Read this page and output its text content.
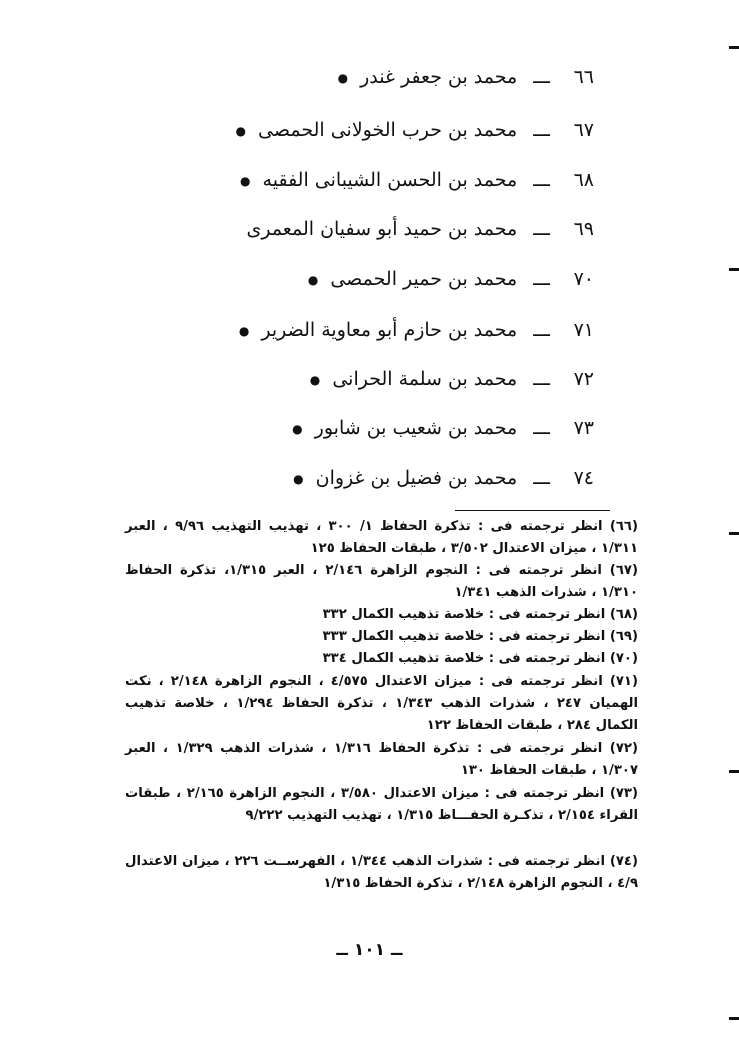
٦٦ ـــ محمد بن جعفر غندر ●
٦٧ ـــ محمد بن حرب الخولانى الحمصى ●
٦٨ ـــ محمد بن الحسن الشيبانى الفقيه ●
٦٩ ـــ محمد بن حميد أبو سفيان المعمرى
٧٠ ـــ محمد بن حمير الحمصى ●
٧١ ـــ محمد بن حازم أبو معاوية الضرير ●
٧٢ ـــ محمد بن سلمة الحرانى ●
٧٣ ـــ محمد بن شعيب بن شابور ●
٧٤ ـــ محمد بن فضيل بن غزوان ●
(٦٦) انظر ترجمته فى : تذكرة الحفاظ ١/ ٣٠٠ ، تهذيب التهذيب ٩/٩٦ ، العبر ١/٣١١ ، ميزان الاعتدال ٣/٥٠٢ ، طبقات الحفاظ ١٢٥
(٦٧) انظر ترجمته فى : النجوم الزاهرة ٢/١٤٦ ، العبر ١/٣١٥، تذكرة الحفاظ ١/٣١٠ ، شذرات الذهب ١/٣٤١
(٦٨) انظر ترجمته فى : خلاصة تذهيب الكمال ٣٣٢
(٦٩) انظر ترجمته فى : خلاصة تذهيب الكمال ٣٣٣
(٧٠) انظر ترجمته فى : خلاصة تذهيب الكمال ٣٣٤
(٧١) انظر ترجمته فى : ميزان الاعتدال ٤/٥٧٥ ، النجوم الزاهرة ٢/١٤٨ ، نكت الهميان ٢٤٧ ، شذرات الذهب ١/٣٤٣ ، تذكرة الحفاظ ١/٢٩٤ ، خلاصة تذهيب الكمال ٢٨٤ ، طبقات الحفاظ ١٢٢
(٧٢) انظر ترجمته فى : تذكرة الحفاظ ١/٣١٦ ، شذرات الذهب ١/٣٢٩ ، العبر ١/٣٠٧ ، طبقات الحفاظ ١٣٠
(٧٣) انظر ترجمته فى : ميزان الاعتدال ٣/٥٨٠ ، النجوم الزاهرة ٢/١٦٥ ، طبقات القراء ٢/١٥٤ ، تذكـرة الحفـــاظ ١/٣١٥ ، تهذيب التهذيب ٩/٢٢٢
(٧٤) انظر ترجمته فى : شذرات الذهب ١/٣٤٤ ، الفهرســت ٢٢٦ ، ميزان الاعتدال ٤/٩ ، النجوم الزاهرة ٢/١٤٨ ، تذكرة الحفاظ ١/٣١٥
ــ ١٠١ ــ
